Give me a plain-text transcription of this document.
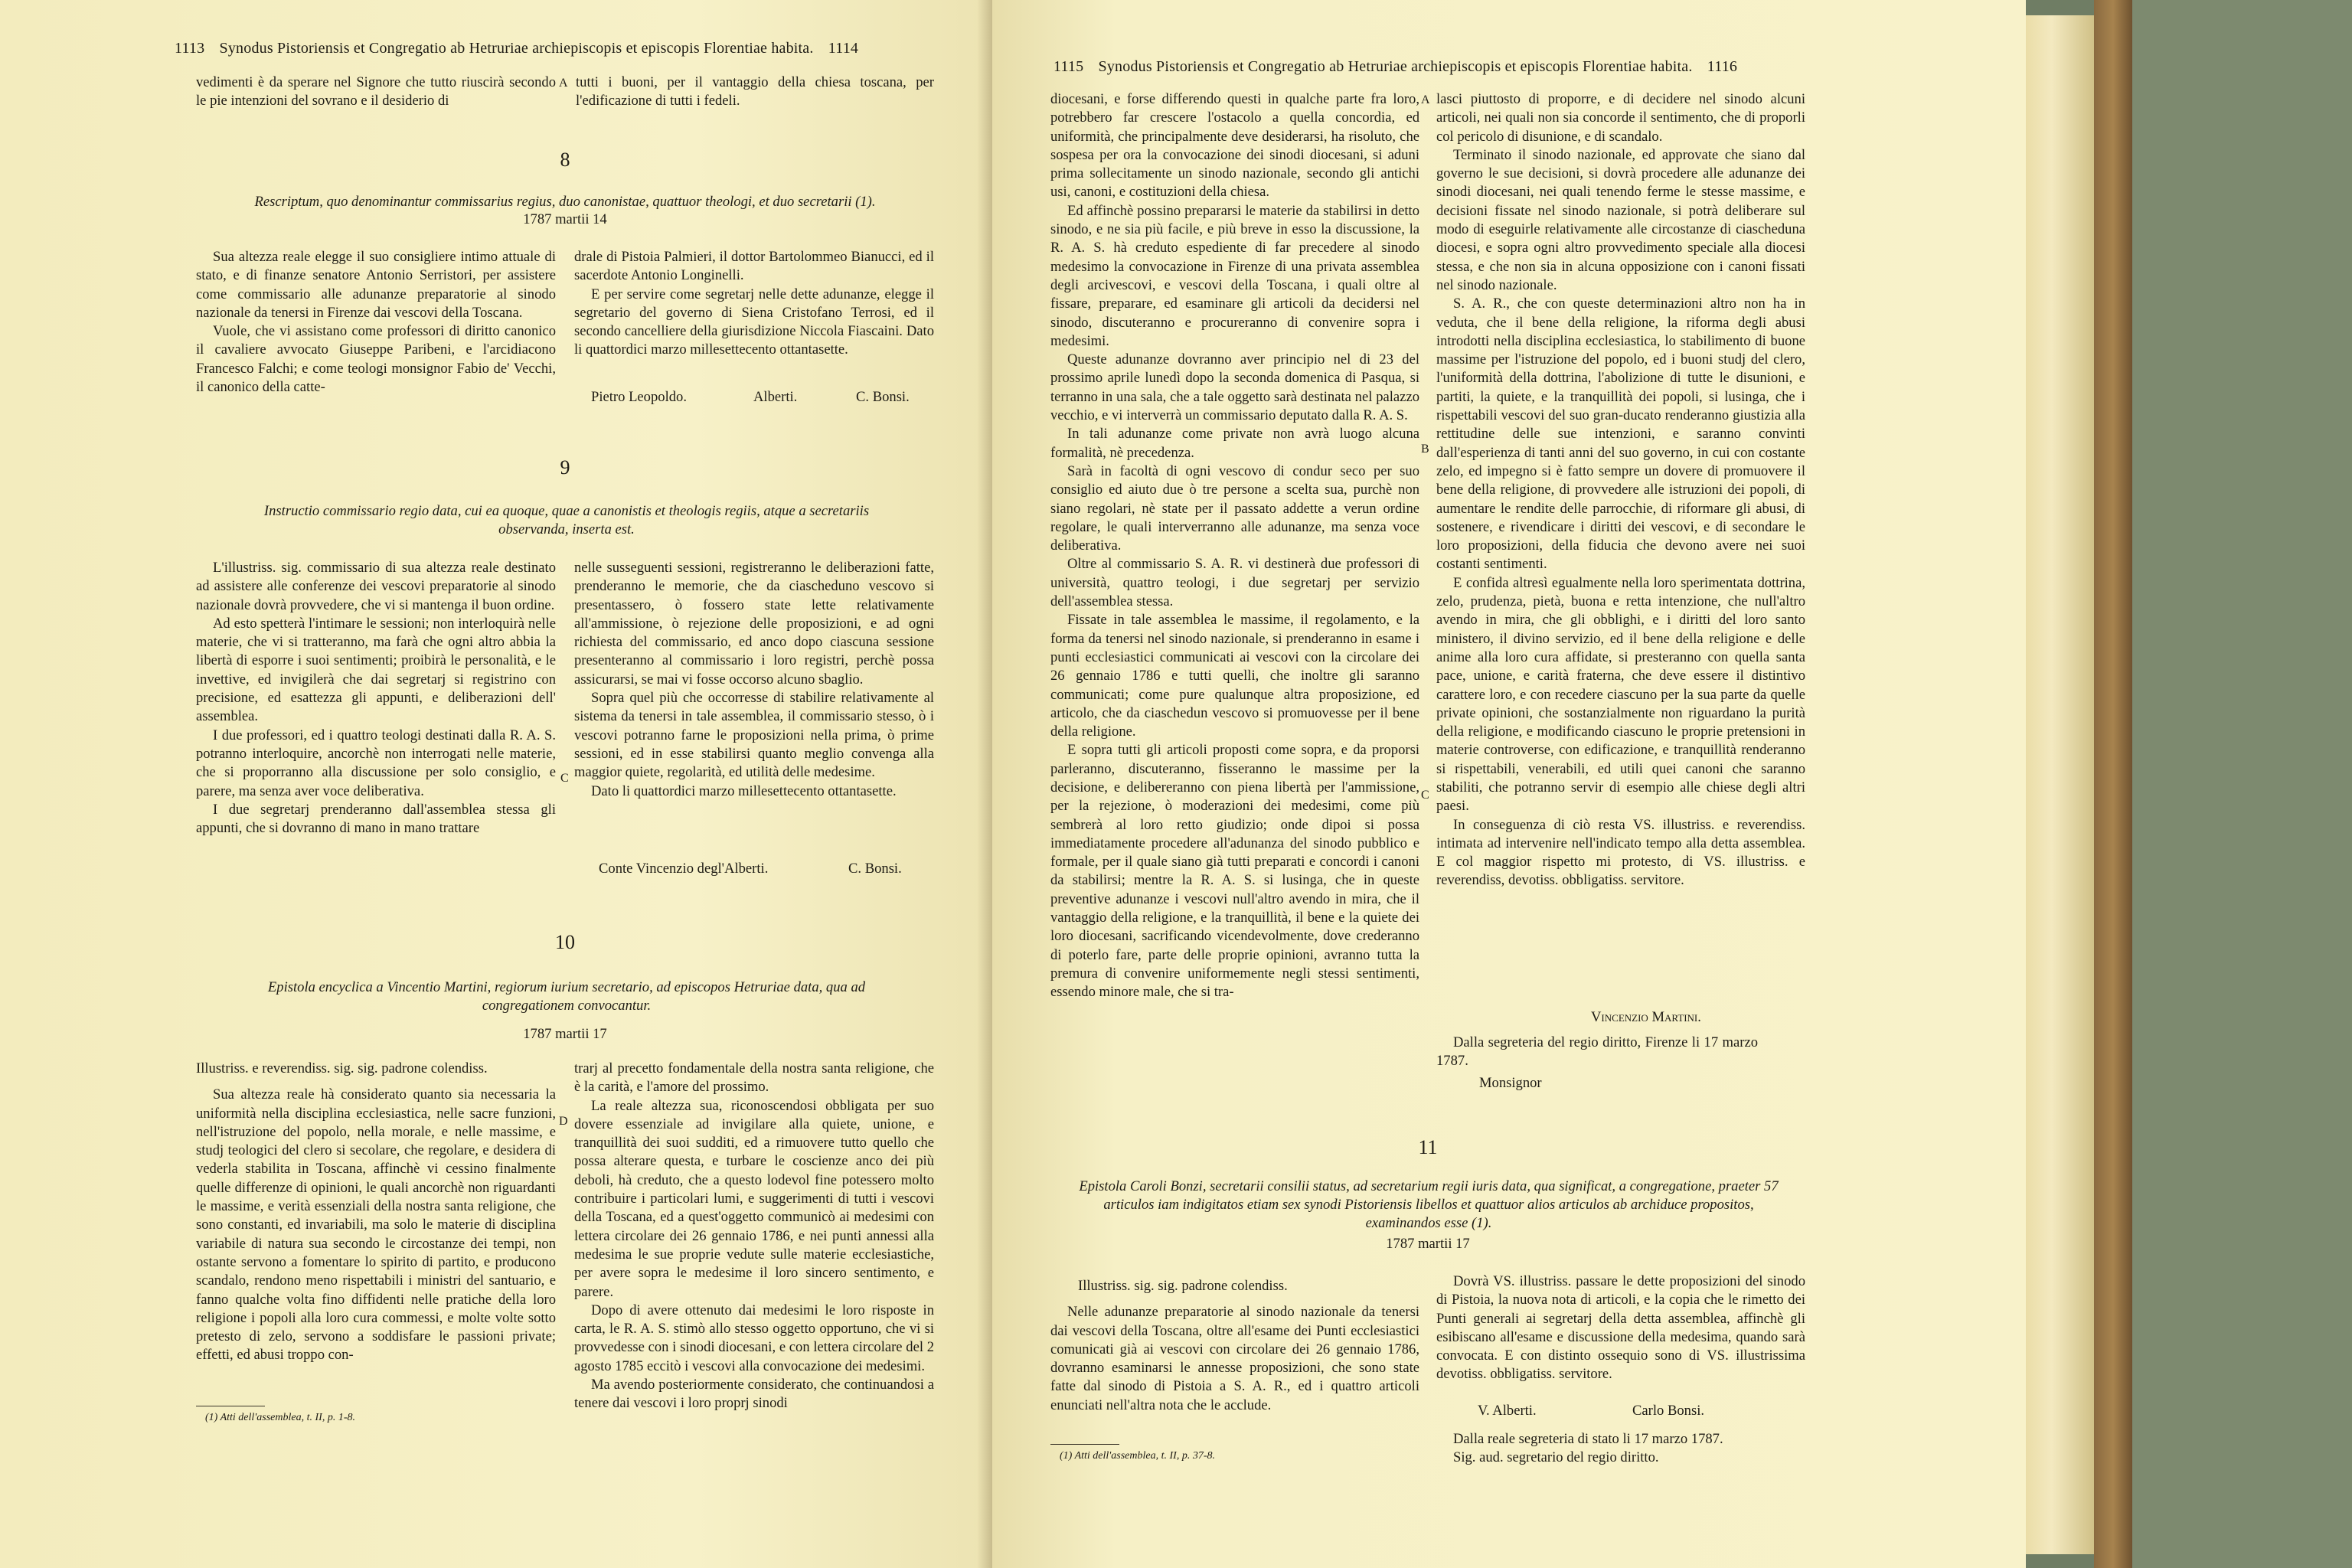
1113 Synodus Pistoriensis et Congregatio ab Hetruriae archiepiscopis et episcopis Florentiae habita. 1114

vedimenti è da sperare nel Signore che tutto riuscirà secondo le pie intenzioni del sovrano e il desiderio di

A tutti i buoni, per il vantaggio della chiesa toscana, per l'edificazione di tutti i fedeli.

8
Rescriptum, quo denominantur commissarius regius, duo canonistae, quattuor theologi, et duo secretarii (1).
1787 martii 14

Sua altezza reale elegge il suo consigliere intimo attuale di stato, e di finanze senatore Antonio Serristori, per assistere come commissario alle adunanze preparatorie al sinodo nazionale da tenersi in Firenze dai vescovi della Toscana.

Vuole, che vi assistano come professori di diritto canonico il cavaliere avvocato Giuseppe Paribeni, e l'arcidiacono Francesco Falchi; e come teologi monsignor Fabio de' Vecchi, il canonico della catte-

drale di Pistoia Palmieri, il dottor Bartolommeo Bianucci, ed il sacerdote Antonio Longinelli.

E per servire come segretarj nelle dette adunanze, elegge il segretario del governo di Siena Cristofano Terrosi, ed il secondo cancelliere della giurisdizione Niccola Fiascaini. Dato li quattordici marzo millesettecento ottantasette.

Pietro Leopoldo.	Alberti.	C. Bonsi.
9
Instructio commissario regio data, cui ea quoque, quae a canonistis et theologis regiis, atque a secretariis observanda, inserta est.

L'illustriss. sig. commissario di sua altezza reale destinato ad assistere alle conferenze dei vescovi preparatorie al sinodo nazionale dovrà provvedere, che vi si mantenga il buon ordine.

Ad esto spetterà l'intimare le sessioni; non interloquirà nelle materie, che vi si tratteranno, ma farà che ogni altro abbia la libertà di esporre i suoi sentimenti; proibirà le personalità, e le invettive, ed invigilerà che dai segretarj si registrino con precisione, ed esattezza gli appunti, e deliberazioni dell' assemblea.

I due professori, ed i quattro teologi destinati dalla R. A. S. potranno interloquire, ancorchè non interrogati nelle materie, che si proporranno alla discussione per solo consiglio, e parere, ma senza aver voce deliberativa.

I due segretarj prenderanno dall'assemblea stessa gli appunti, che si dovranno di mano in mano trattare

C

nelle susseguenti sessioni, registreranno le deliberazioni fatte, prenderanno le memorie, che da ciascheduno vescovo si presentassero, ò fossero state lette relativamente all'ammissione, ò rejezione delle proposizioni, e ad ogni richiesta del commissario, ed anco dopo ciascuna sessione presenteranno al commissario i loro registri, perchè possa assicurarsi, se mai vi fosse occorso alcuno sbaglio.

Sopra quel più che occorresse di stabilire relativamente al sistema da tenersi in tale assemblea, il commissario stesso, ò i vescovi potranno farne le proposizioni nella prima, ò prime sessioni, ed in esse stabilirsi quanto meglio convenga alla maggior quiete, regolarità, ed utilità delle medesime.

Dato li quattordici marzo millesettecento ottantasette.

Conte Vincenzio degl'Alberti.	C. Bonsi.
10
Epistola encyclica a Vincentio Martini, regiorum iurium secretario, ad episcopos Hetruriae data, qua ad congregationem convocantur.
1787 martii 17

Illustriss. e reverendiss. sig. sig. padrone colendiss.

Sua altezza reale hà considerato quanto sia necessaria la uniformità nella disciplina ecclesiastica, nelle sacre funzioni, nell'istruzione del popolo, nella morale, e nelle massime, e studj teologici del clero si secolare, che regolare, e desidera di vederla stabilita in Toscana, affinchè vi cessino finalmente quelle differenze di opinioni, le quali ancorchè non riguardanti le massime, e verità essenziali della nostra santa religione, che sono constanti, ed invariabili, ma solo le materie di disciplina variabile di natura sua secondo le circostanze dei tempi, non ostante servono a fomentare lo spirito di partito, e producono scandalo, rendono meno rispettabili i ministri del santuario, e fanno qualche volta fino diffidenti nelle pratiche della loro religione i popoli alla loro cura commessi, e molte volte sotto pretesto di zelo, servono a soddisfare le passioni private; effetti, ed abusi troppo con-

D

trarj al precetto fondamentale della nostra santa religione, che è la carità, e l'amore del prossimo.

La reale altezza sua, riconoscendosi obbligata per suo dovere essenziale ad invigilare alla quiete, unione, e tranquillità dei suoi sudditi, ed a rimuovere tutto quello che possa alterare questa, e turbare le coscienze anco dei più deboli, hà creduto, che a questo lodevol fine potessero molto contribuire i particolari lumi, e suggerimenti di tutti i vescovi della Toscana, ed a quest'oggetto communicò ai medesimi con lettera circolare dei 26 gennaio 1786, e nei punti annessi alla medesima le sue proprie vedute sulle materie ecclesiastiche, per avere sopra le medesime il loro sincero sentimento, e parere.

Dopo di avere ottenuto dai medesimi le loro risposte in carta, le R. A. S. stimò allo stesso oggetto opportuno, che vi si provvedesse con i sinodi diocesani, e con lettera circolare del 2 agosto 1785 eccitò i vescovi alla convocazione dei medesimi.

Ma avendo posteriormente considerato, che continuandosi a tenere dai vescovi i loro proprj sinodi

(1) Atti dell'assemblea, t. II, p. 1-8.
1115 Synodus Pistoriensis et Congregatio ab Hetruriae archiepiscopis et episcopis Florentiae habita. 1116

diocesani, e forse differendo questi in qualche parte fra loro, potrebbero far crescere l'ostacolo a quella concordia, ed uniformità, che principalmente deve desiderarsi, ha risoluto, che sospesa per ora la convocazione dei sinodi diocesani, si aduni prima sollecitamente un sinodo nazionale, secondo gli antichi usi, canoni, e costituzioni della chiesa.

Ed affinchè possino prepararsi le materie da stabilirsi in detto sinodo, e ne sia più facile, e più breve in esso la discussione, la R. A. S. hà creduto espediente di far precedere al sinodo medesimo la convocazione in Firenze di una privata assemblea degli arcivescovi, e vescovi della Toscana, i quali oltre al fissare, preparare, ed esaminare gli articoli da decidersi nel sinodo, discuteranno e procureranno di convenire sopra i medesimi.

Queste adunanze dovranno aver principio nel di 23 del prossimo aprile lunedì dopo la seconda domenica di Pasqua, si terranno in una sala, che a tale oggetto sarà destinata nel palazzo vecchio, e vi interverrà un commissario deputato dalla R. A. S.

In tali adunanze come private non avrà luogo alcuna formalità, nè precedenza.

Sarà in facoltà di ogni vescovo di condur seco per suo consiglio ed aiuto due ò tre persone a scelta sua, purchè non siano regolari, nè state per il passato addette a verun ordine regolare, le quali interverranno alle adunanze, ma senza voce deliberativa.

Oltre al commissario S. A. R. vi destinerà due professori di università, quattro teologi, i due segretarj per servizio dell'assemblea stessa.

Fissate in tale assemblea le massime, il regolamento, e la forma da tenersi nel sinodo nazionale, si prenderanno in esame i punti ecclesiastici communicati ai vescovi con la circolare dei 26 gennaio 1786 e tutti quelli, che inoltre gli saranno communicati; come pure qualunque altra proposizione, ed articolo, che da ciaschedun vescovo si promuovesse per il bene della religione.

E sopra tutti gli articoli proposti come sopra, e da proporsi parleranno, discuteranno, fisseranno le massime per la decisione, e delibereranno con piena libertà per l'ammissione, per la rejezione, ò moderazioni dei medesimi, come più sembrerà al loro retto giudizio; onde dipoi si possa immediatamente procedere all'adunanza del sinodo pubblico e formale, per il quale siano già tutti preparati e concordi i canoni da stabilirsi; mentre la R. A. S. si lusinga, che in queste preventive adunanze i vescovi null'altro avendo in mira, che il vantaggio della religione, e la tranquillità, il bene e la quiete dei loro diocesani, sacrificando vicendevolmente, dove crederanno di poterlo fare, parte delle proprie opinioni, avranno tutta la premura di convenire uniformemente negli stessi sentimenti, essendo minore male, che si tra-

A
B
C

lasci piuttosto di proporre, e di decidere nel sinodo alcuni articoli, nei quali non sia concorde il sentimento, che di proporli col pericolo di disunione, e di scandalo.

Terminato il sinodo nazionale, ed approvate che siano dal governo le sue decisioni, si dovrà procedere alle adunanze dei sinodi diocesani, nei quali tenendo ferme le stesse massime, e decisioni fissate nel sinodo nazionale, si potrà deliberare sul modo di eseguirle relativamente alle circostanze di ciascheduna diocesi, e sopra ogni altro provvedimento speciale alla diocesi stessa, e che non sia in alcuna opposizione con i canoni fissati nel sinodo nazionale.

S. A. R., che con queste determinazioni altro non ha in veduta, che il bene della religione, la riforma degli abusi introdotti nella disciplina ecclesiastica, lo stabilimento di buone massime per l'istruzione del popolo, ed i buoni studj del clero, l'uniformità della dottrina, l'abolizione di tutte le disunioni, e partiti, la quiete, e la tranquillità dei popoli, si lusinga, che i rispettabili vescovi del suo gran-ducato renderanno giustizia alla rettitudine delle sue intenzioni, e saranno convinti dall'esperienza di tanti anni del suo governo, in cui con costante zelo, ed impegno si è fatto sempre un dovere di promuovere il bene della religione, di provvedere alle istruzioni dei popoli, di aumentare le rendite delle parrocchie, di riformare gli abusi, di sostenere, e rivendicare i diritti dei vescovi, e di secondare le loro proposizioni, della fiducia che devono avere nei suoi costanti sentimenti.

E confida altresì egualmente nella loro sperimentata dottrina, zelo, prudenza, pietà, buona e retta intenzione, che null'altro avendo in mira, che gli obblighi, e i diritti del loro santo ministero, il divino servizio, ed il bene della religione e delle anime alla loro cura affidate, si presteranno con quella santa pace, unione, e carità fraterna, che deve essere il distintivo carattere loro, e con recedere ciascuno per la sua parte da quelle private opinioni, che sostanzialmente non riguardano la purità della religione, e modificando ciascuno le proprie pretensioni in materie controverse, con edificazione, e tranquillità renderanno si rispettabili, venerabili, ed utili quei canoni che saranno stabiliti, che potranno servir di esempio alle chiese degli altri paesi.

In conseguenza di ciò resta VS. illustriss. e reverendiss. intimata ad intervenire nell'indicato tempo alla detta assemblea. E col maggior rispetto mi protesto, di VS. illustriss. e reverendiss, devotiss. obbligatiss. servitore.

Vincenzio Martini.

Dalla segreteria del regio diritto, Firenze li 17 marzo 1787.

Monsignor
11
Epistola Caroli Bonzi, secretarii consilii status, ad secretarium regii iuris data, qua significat, a congregatione, praeter 57 articulos iam indigitatos etiam sex synodi Pistoriensis libellos et quattuor alios articulos ab archiduce propositos, examinandos esse (1).
1787 martii 17

Illustriss. sig. sig. padrone colendiss.

Nelle adunanze preparatorie al sinodo nazionale da tenersi dai vescovi della Toscana, oltre all'esame dei Punti ecclesiastici comunicati già ai vescovi con circolare dei 26 gennaio 1786, dovranno esaminarsi le annesse proposizioni, che sono state fatte dal sinodo di Pistoia a S. A. R., ed i quattro articoli enunciati nell'altra nota che le acclude.

Dovrà VS. illustriss. passare le dette proposizioni del sinodo di Pistoia, la nuova nota di articoli, e la copia che le rimetto dei Punti generali ai segretarj della detta assemblea, affinchè gli esibiscano all'esame e discussione della medesima, quando sarà convocata. E con distinto ossequio sono di VS. illustrissima devotiss. obbligatiss. servitore.

V. Alberti.	Carlo Bonsi.

Dalla reale segreteria di stato li 17 marzo 1787.

Sig. aud. segretario del regio diritto.

(1) Atti dell'assemblea, t. II, p. 37-8.
